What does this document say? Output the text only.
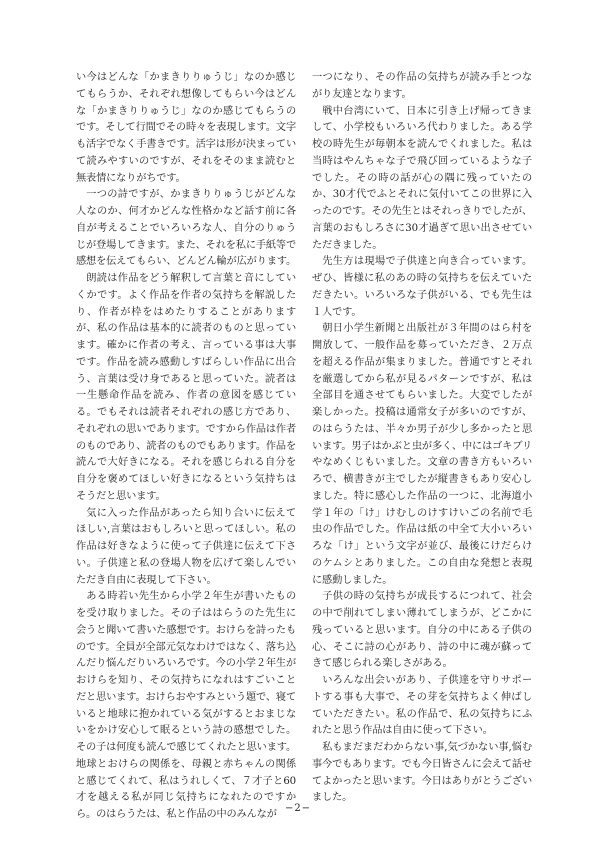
い今はどんな「かまきりりゅうじ」なのか感じてもらうか、それぞれ想像してもらい今はどんな「かまきりりゅうじ」なのか感じてもらうのです。そして行間でその時々を表現します。文字も活字でなく手書きです。活字は形が決まっていて読みやすいのですが、それをそのまま読むと無表情になりがちです。

一つの詩ですが、かまきりりゅうじがどんな人なのか、何才かどんな性格かなど話す前に各自が考えることでいろいろな人、自分のりゅうじが登場してきます。また、それを私に手紙等で感想を伝えてもらい、どんどん輪が広がります。

朗読は作品をどう解釈して言葉と音にしていくかです。よく作品を作者の気持ちを解説したり、作者が枠をはめたりすることがありますが、私の作品は基本的に読者のものと思っています。確かに作者の考え、言っている事は大事です。作品を読み感動しすばらしい作品に出合う、言葉は受け身であると思っていた。読者は一生懸命作品を読み、作者の意図を感じている。でもそれは読者それぞれの感じ方であり、それぞれの思いであります。ですから作品は作者のものであり、読者のものでもあります。作品を読んで大好きになる。それを感じられる自分を自分を褒めてほしい好きになるという気持ちはそうだと思います。

気に入った作品があったら知り合いに伝えてほしい,言葉はおもしろいと思ってほしい。私の作品は好きなように使って子供達に伝えて下さい。子供達と私の登場人物を広げて楽しんでいただき自由に表現して下さい。

ある時若い先生から小学２年生が書いたものを受け取りました。その子ははらうのた先生に会うと聞いて書いた感想です。おけらを詩ったものです。全員が全部元気なわけではなく、落ち込んだり悩んだりいろいろです。今の小学２年生がおけらを知り、その気持ちになれはすごいことだと思います。おけらおやすみという題で、寝ていると地球に抱かれている気がするとおまじないをかけ安心して眠るという詩の感想でした。その子は何度も読んで感じてくれたと思います。地球とおけらの関係を、母親と赤ちゃんの関係と感じてくれて、私はうれしくて、７才子と60才を越える私が同じ気持ちになれたのですから。のはらうたは、私と作品の中のみんなが

一つになり、その作品の気持ちが読み手とつながり友達となります。

戦中台湾にいて、日本に引き上げ帰ってきまして、小学校もいろいろ代わりました。ある学校の時先生が毎朝本を読んでくれました。私は当時はやんちゃな子で飛び回っているような子でした。その時の話が心の隅に残っていたのか、30才代でふとそれに気付いてこの世界に入ったのです。その先生とはそれっきりでしたが、言葉のおもしろさに30才過ぎて思い出させていただきました。

先生方は現場で子供達と向き合っています。ぜひ、皆様に私のあの時の気持ちを伝えていただきたい。いろいろな子供がいる、でも先生は１人です。

朝日小学生新聞と出版社が３年間のはら村を開放して、一般作品を募っていただき、２万点を超える作品が集まりました。普通ですとそれを厳選してから私が見るパターンですが、私は全部目を通させてもらいました。大変でしたが楽しかった。投稿は通常女子が多いのですが、のはらうたは、半々か男子が少し多かったと思います。男子はかぶと虫が多く、中にはゴキブリやなめくじもいました。文章の書き方もいろいろで、横書きが主でしたが縦書きもあり安心しました。特に感心した作品の一つに、北海道小学１年の「け」けむしのけすけいごの名前で毛虫の作品でした。作品は紙の中全て大小いろいろな「け」という文字が並び、最後にけだらけのケムシとありました。この自由な発想と表現に感動しました。

子供の時の気持ちが成長するにつれて、社会の中で削れてしまい薄れてしまうが、どこかに残っていると思います。自分の中にある子供の心、そこに詩の心があり、詩の中に魂が蘇ってきて感じられる楽しさがある。

いろんな出会いがあり、子供達を守りサポートする事も大事で、その芽を気持ちよく伸ばしていただきたい。私の作品で、私の気持ちにふれたと思う作品は自由に使って下さい。

私もまだまだわからない事,気づかない事,悩む事今でもあります。でも今日皆さんに会えて話せてよかったと思います。今日はありがとうございました。

−2−
